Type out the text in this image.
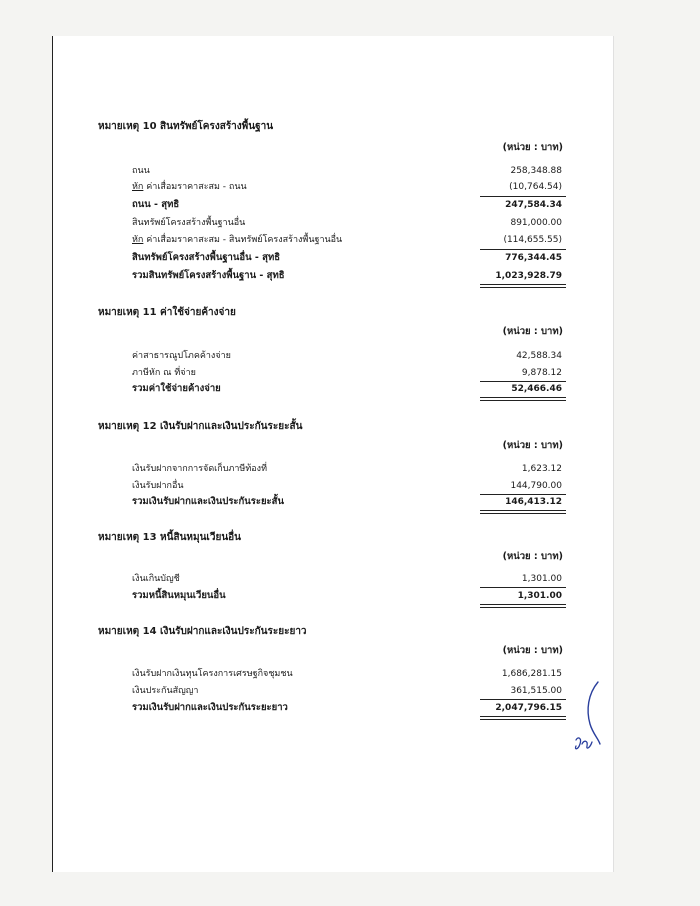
หมายเหตุ 10 สินทรัพย์โครงสร้างพื้นฐาน
(หน่วย : บาท)
ถนน	258,348.88
หัก ค่าเสื่อมราคาสะสม - ถนน	(10,764.54)
ถนน - สุทธิ	247,584.34
สินทรัพย์โครงสร้างพื้นฐานอื่น	891,000.00
หัก ค่าเสื่อมราคาสะสม - สินทรัพย์โครงสร้างพื้นฐานอื่น	(114,655.55)
สินทรัพย์โครงสร้างพื้นฐานอื่น - สุทธิ	776,344.45
รวมสินทรัพย์โครงสร้างพื้นฐาน - สุทธิ	1,023,928.79
หมายเหตุ 11 ค่าใช้จ่ายค้างจ่าย
(หน่วย : บาท)
ค่าสาธารณูปโภคค้างจ่าย	42,588.34
ภาษีหัก ณ ที่จ่าย	9,878.12
รวมค่าใช้จ่ายค้างจ่าย	52,466.46
หมายเหตุ 12 เงินรับฝากและเงินประกันระยะสั้น
(หน่วย : บาท)
เงินรับฝากจากการจัดเก็บภาษีท้องที่	1,623.12
เงินรับฝากอื่น	144,790.00
รวมเงินรับฝากและเงินประกันระยะสั้น	146,413.12
หมายเหตุ 13 หนี้สินหมุนเวียนอื่น
(หน่วย : บาท)
เงินเกินบัญชี	1,301.00
รวมหนี้สินหมุนเวียนอื่น	1,301.00
หมายเหตุ 14 เงินรับฝากและเงินประกันระยะยาว
(หน่วย : บาท)
เงินรับฝากเงินทุนโครงการเศรษฐกิจชุมชน	1,686,281.15
เงินประกันสัญญา	361,515.00
รวมเงินรับฝากและเงินประกันระยะยาว	2,047,796.15
